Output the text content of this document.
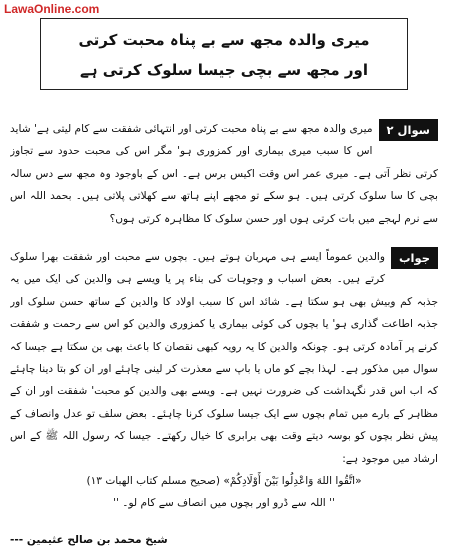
LawaOnline.com
میری والدہ مجھ سے بے پناہ محبت کرتی
اور مجھ سے بچی جیسا سلوک کرتی ہے
سوال ۲
میری والدہ مجھ سے بے پناہ محبت کرتی اور انتہائی شفقت سے کام لیتی ہے' شاید اس کا سبب میری بیماری اور کمزوری ہو' مگر اس کی محبت حدود سے تجاوز کرتی نظر آتی ہے۔ میری عمر اس وقت اکیس برس ہے۔ اس کے باوجود وہ مجھ سے دس سالہ بچی کا سا سلوک کرتی ہیں۔ ہو سکے تو مجھے اپنے ہاتھ سے کھلاتی پلاتی ہیں۔ بحمد اللہ اس سے نرم لہجے میں بات کرتی ہوں اور حسن سلوک کا مظاہرہ کرتی ہوں؟
جواب
والدین عموماً ایسے ہی مہربان ہوتے ہیں۔ بچوں سے محبت اور شفقت بھرا سلوک کرتے ہیں۔ بعض اسباب و وجوہات کی بناء پر یا ویسے ہی والدین کی ایک میں یہ جذبہ کم وبیش بھی ہو سکتا ہے۔ شائد اس کا سبب اولاد کا والدین کے ساتھ حسن سلوک اور جذبہ اطاعت گذاری ہو' یا بچوں کی کوئی بیماری یا کمزوری والدین کو اس سے رحمت و شفقت کرنے پر آمادہ کرتی ہو۔ چونکہ والدین کا یہ رویہ کبھی نقصان کا باعث بھی بن سکتا ہے جیسا کہ سوال میں مذکور ہے۔ لہذا بچے کو ماں یا باپ سے معذرت کر لینی چاہئے اور ان کو بتا دینا چاہئے کہ اب اس قدر نگہداشت کی ضرورت نہیں ہے۔ ویسے بھی والدین کو محبت' شفقت اور ان کے مظاہر کے بارے میں تمام بچوں سے ایک جیسا سلوک کرنا چاہئے۔ بعض سلف تو عدل وانصاف کے پیش نظر بچوں کو بوسہ دیتے وقت بھی برابری کا خیال رکھتے۔ جیسا کہ رسول اللہ ﷺ کے اس ارشاد میں موجود ہے:
«اتَّقُوا اللهَ وَاعْدِلُوا بَيْنَ أَوْلَادِكُمْ» (صحیح مسلم کتاب الھبات ۱۳)
'' اللہ سے ڈرو اور بچوں میں انصاف سے کام لو۔ ''
شیخ محمد بن صالح عثیمین ---
